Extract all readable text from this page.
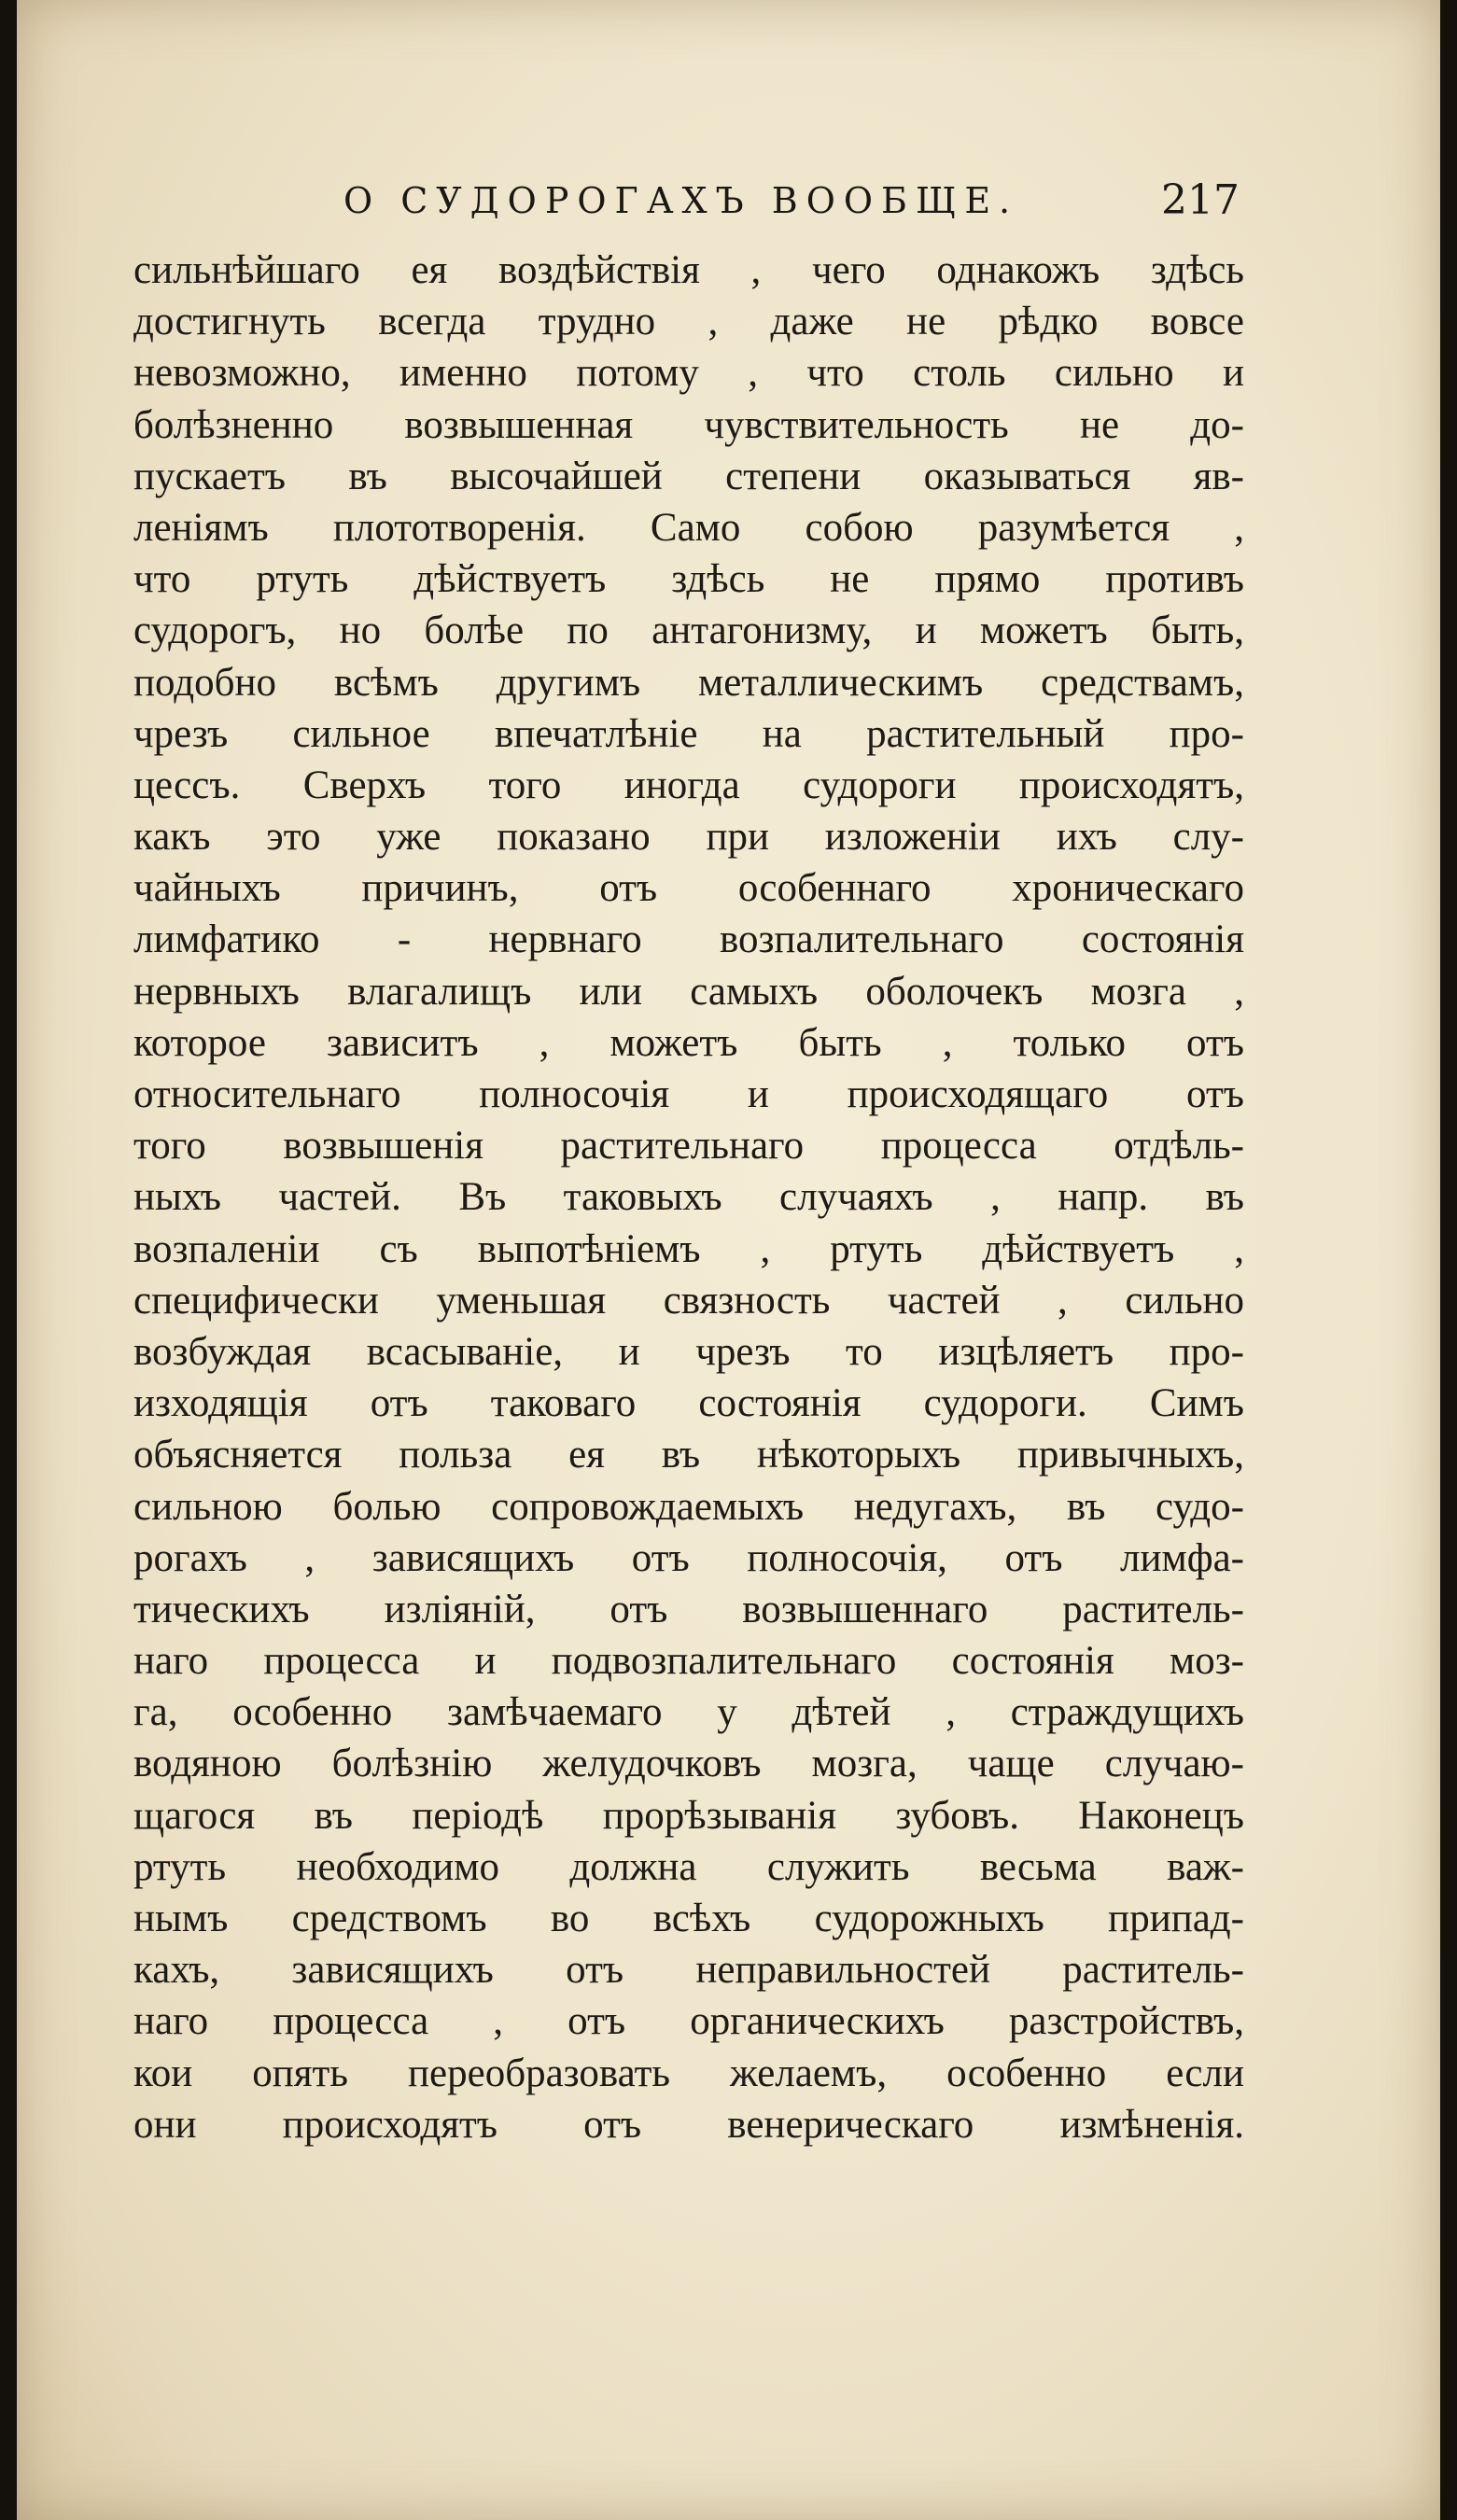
О СУДОРОГАХЪ ВООБЩЕ.	217
сильнѣйшаго ея воздѣйствія , чего однакожъ здѣсь
достигнуть всегда трудно , даже не рѣдко вовсе
невозможно, именно потому , что столь сильно и
болѣзненно возвышенная чувствительность не до-
пускаетъ въ высочайшей степени оказываться яв-
леніямъ плототворенія. Само собою разумѣется ,
что ртуть дѣйствуетъ здѣсь не прямо противъ
судорогъ, но болѣе по антагонизму, и можетъ быть,
подобно всѣмъ другимъ металлическимъ средствамъ,
чрезъ сильное впечатлѣніе на растительный про-
цессъ. Сверхъ того иногда судороги происходятъ,
какъ это уже показано при изложеніи ихъ слу-
чайныхъ причинъ, отъ особеннаго хроническаго
лимфатико - нервнаго возпалительнаго состоянія
нервныхъ влагалищъ или самыхъ оболочекъ мозга ,
которое зависитъ , можетъ быть , только отъ
относительнаго полносочія и происходящаго отъ
того возвышенія растительнаго процесса отдѣль-
ныхъ частей. Въ таковыхъ случаяхъ , напр. въ
возпаленіи съ выпотѣніемъ , ртуть дѣйствуетъ ,
специфически уменьшая связность частей , сильно
возбуждая всасываніе, и чрезъ то изцѣляетъ про-
изходящія отъ таковаго состоянія судороги. Симъ
объясняется польза ея въ нѣкоторыхъ привычныхъ,
сильною болью сопровождаемыхъ недугахъ, въ судо-
рогахъ , зависящихъ отъ полносочія, отъ лимфа-
тическихъ изліяній, отъ возвышеннаго раститель-
наго процесса и подвозпалительнаго состоянія моз-
га, особенно замѣчаемаго у дѣтей , страждущихъ
водяною болѣзнію желудочковъ мозга, чаще случаю-
щагося въ періодѣ прорѣзыванія зубовъ. Наконецъ
ртуть необходимо должна служить весьма важ-
нымъ средствомъ во всѣхъ судорожныхъ припад-
кахъ, зависящихъ отъ неправильностей раститель-
наго процесса , отъ органическихъ разстройствъ,
кои опять переобразовать желаемъ, особенно если
они происходятъ отъ венерическаго измѣненія.
